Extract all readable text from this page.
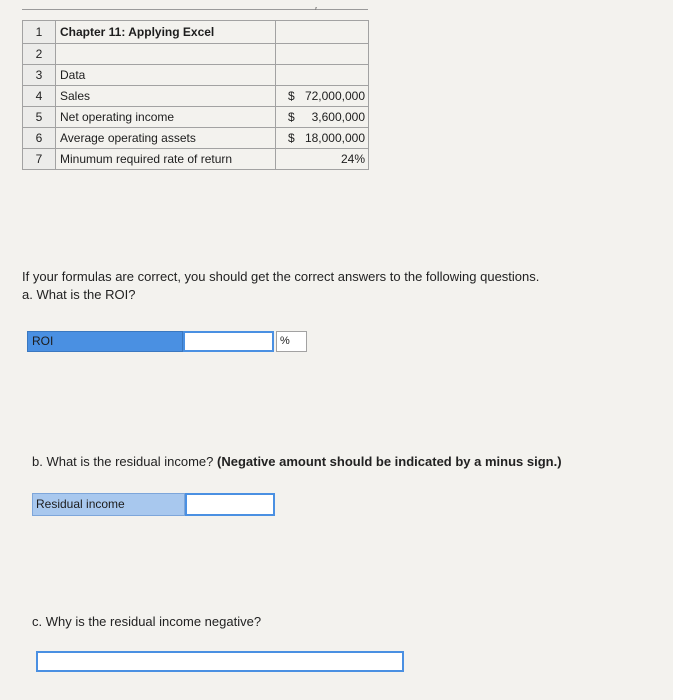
′
1	Chapter 11: Applying Excel	
2		
3	Data	
4	Sales	$ 72,000,000

5	Net operating income	$ 3,600,000

6	Average operating assets	$ 18,000,000

7	Minumum required rate of return	24%
If your formulas are correct, you should get the correct answers to the following questions.
a. What is the ROI?
ROI	%
b. What is the residual income? (Negative amount should be indicated by a minus sign.)
Residual income
c. Why is the residual income negative?
